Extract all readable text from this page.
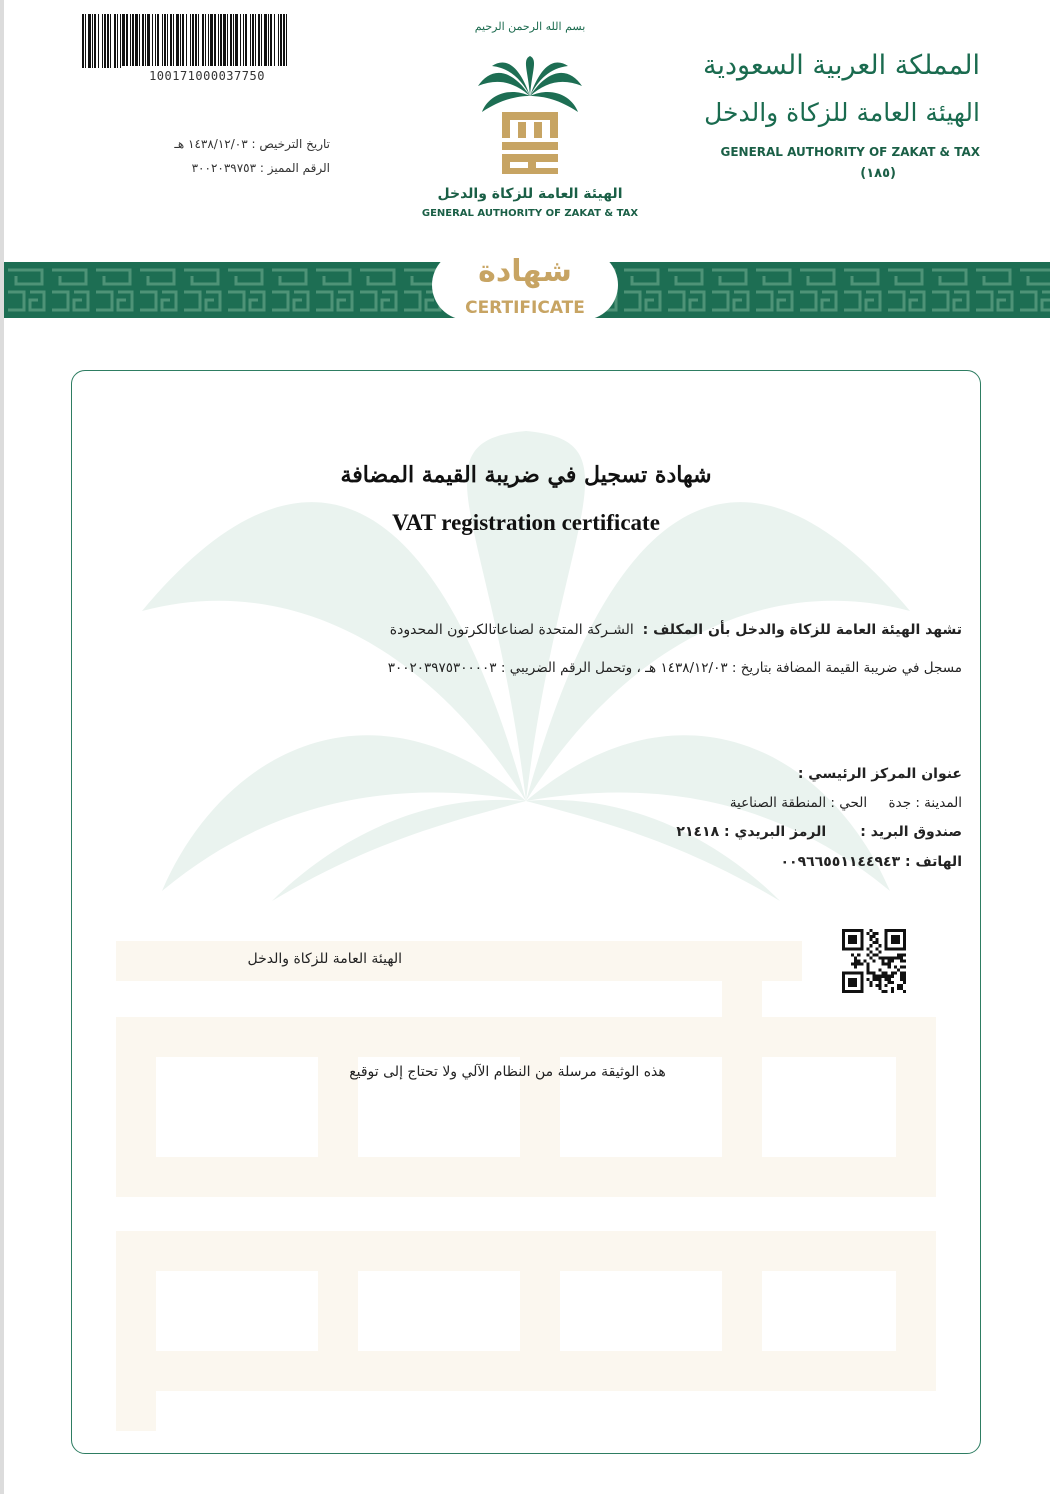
100171000037750
تاريخ الترخيص : ١٤٣٨/١٢/٠٣ هـ
الرقم المميز : ٣٠٠٢٠٣٩٧٥٣
بسم الله الرحمن الرحيم
الهيئة العامة للزكاة والدخل
GENERAL AUTHORITY OF ZAKAT & TAX
المملكة العربية السعودية
الهيئة العامة للزكاة والدخل
GENERAL AUTHORITY OF ZAKAT & TAX
(١٨٥)
شهادة
CERTIFICATE
شهادة تسجيل في ضريبة القيمة المضافة
VAT registration certificate
تشهد الهيئة العامة للزكاة والدخل بأن المكلف :  الشـركة المتحدة لصناعاتالكرتون المحدودة
مسجل في ضريبة القيمة المضافة بتاريخ : ١٤٣٨/١٢/٠٣ هـ ، وتحمل الرقم الضريبي : ٣٠٠٢٠٣٩٧٥٣٠٠٠٠٣
عنوان المركز الرئيسي :
المدينة : جدة     الحي : المنطقة الصناعية
صندوق البريد :       الرمز البريدي : ٢١٤١٨
الهاتف : ٠٠٩٦٦٥٥١١٤٤٩٤٣
الهيئة العامة للزكاة والدخل
هذه الوثيقة مرسلة من النظام الآلي ولا تحتاج إلى توقيع
